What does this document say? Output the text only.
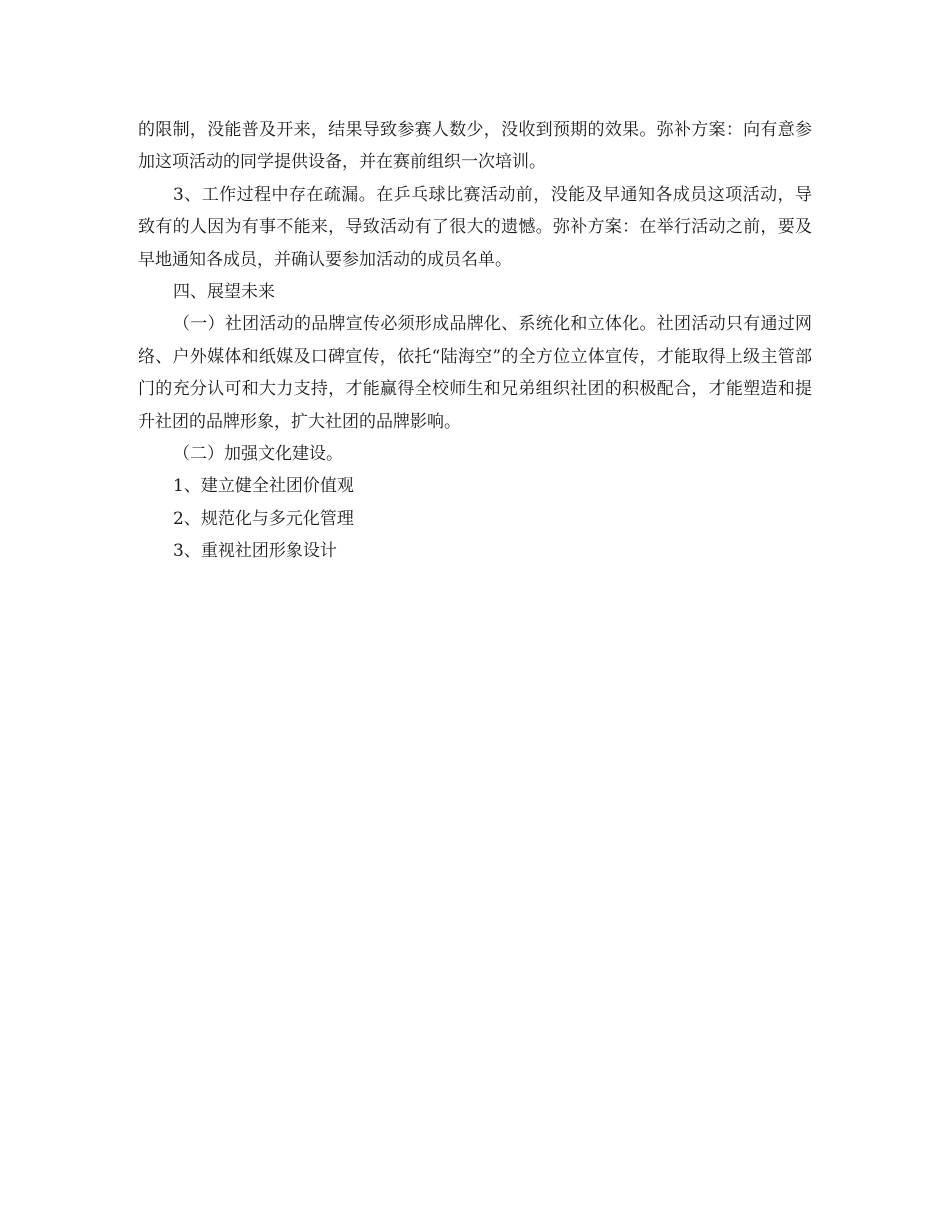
的限制，没能普及开来，结果导致参赛人数少，没收到预期的效果。弥补方案：向有意参加这项活动的同学提供设备，并在赛前组织一次培训。

3、工作过程中存在疏漏。在乒乓球比赛活动前，没能及早通知各成员这项活动，导致有的人因为有事不能来，导致活动有了很大的遗憾。弥补方案：在举行活动之前，要及早地通知各成员，并确认要参加活动的成员名单。

四、展望未来

（一）社团活动的品牌宣传必须形成品牌化、系统化和立体化。社团活动只有通过网络、户外媒体和纸媒及口碑宣传，依托“陆海空”的全方位立体宣传，才能取得上级主管部门的充分认可和大力支持，才能赢得全校师生和兄弟组织社团的积极配合，才能塑造和提升社团的品牌形象，扩大社团的品牌影响。

（二）加强文化建设。

1、建立健全社团价值观

2、规范化与多元化管理

3、重视社团形象设计
